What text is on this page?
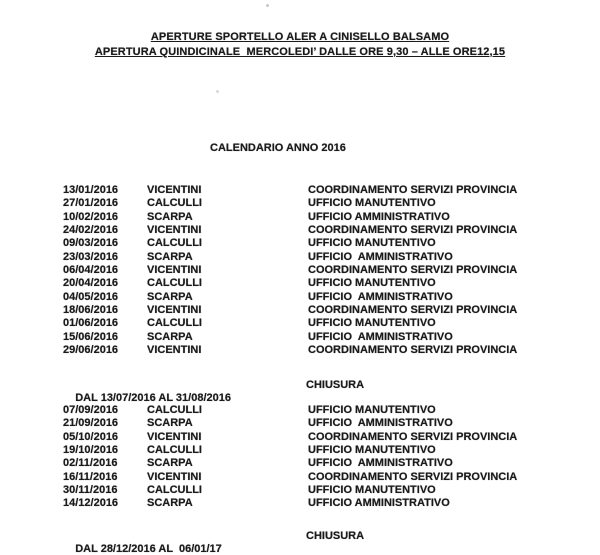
APERTURE SPORTELLO ALER A CINISELLO BALSAMO
APERTURA QUINDICINALE  MERCOLEDI’ DALLE ORE 9,30 – ALLE ORE12,15
CALENDARIO ANNO 2016
13/01/2016	VICENTINI	COORDINAMENTO SERVIZI PROVINCIA
27/01/2016	CALCULLI	UFFICIO MANUTENTIVO
10/02/2016	SCARPA	UFFICIO AMMINISTRATIVO
24/02/2016	VICENTINI	COORDINAMENTO SERVIZI PROVINCIA
09/03/2016	CALCULLI	UFFICIO MANUTENTIVO
23/03/2016	SCARPA	UFFICIO  AMMINISTRATIVO
06/04/2016	VICENTINI	COORDINAMENTO SERVIZI PROVINCIA
20/04/2016	CALCULLI	UFFICIO MANUTENTIVO
04/05/2016	SCARPA	UFFICIO  AMMINISTRATIVO
18/06/2016	VICENTINI	COORDINAMENTO SERVIZI PROVINCIA
01/06/2016	CALCULLI	UFFICIO MANUTENTIVO
15/06/2016	SCARPA	UFFICIO  AMMINISTRATIVO
29/06/2016	VICENTINI	COORDINAMENTO SERVIZI PROVINCIA

DAL 13/07/2016 AL 31/08/2016

CHIUSURA

07/09/2016	CALCULLI	UFFICIO MANUTENTIVO
21/09/2016	SCARPA	UFFICIO  AMMINISTRATIVO
05/10/2016	VICENTINI	COORDINAMENTO SERVIZI PROVINCIA
19/10/2016	CALCULLI	UFFICIO MANUTENTIVO
02/11/2016	SCARPA	UFFICIO  AMMINISTRATIVO
16/11/2016	VICENTINI	COORDINAMENTO SERVIZI PROVINCIA
30/11/2016	CALCULLI	UFFICIO MANUTENTIVO
14/12/2016	SCARPA	UFFICIO AMMINISTRATIVO

DAL 28/12/2016 AL  06/01/17

CHIUSURA
